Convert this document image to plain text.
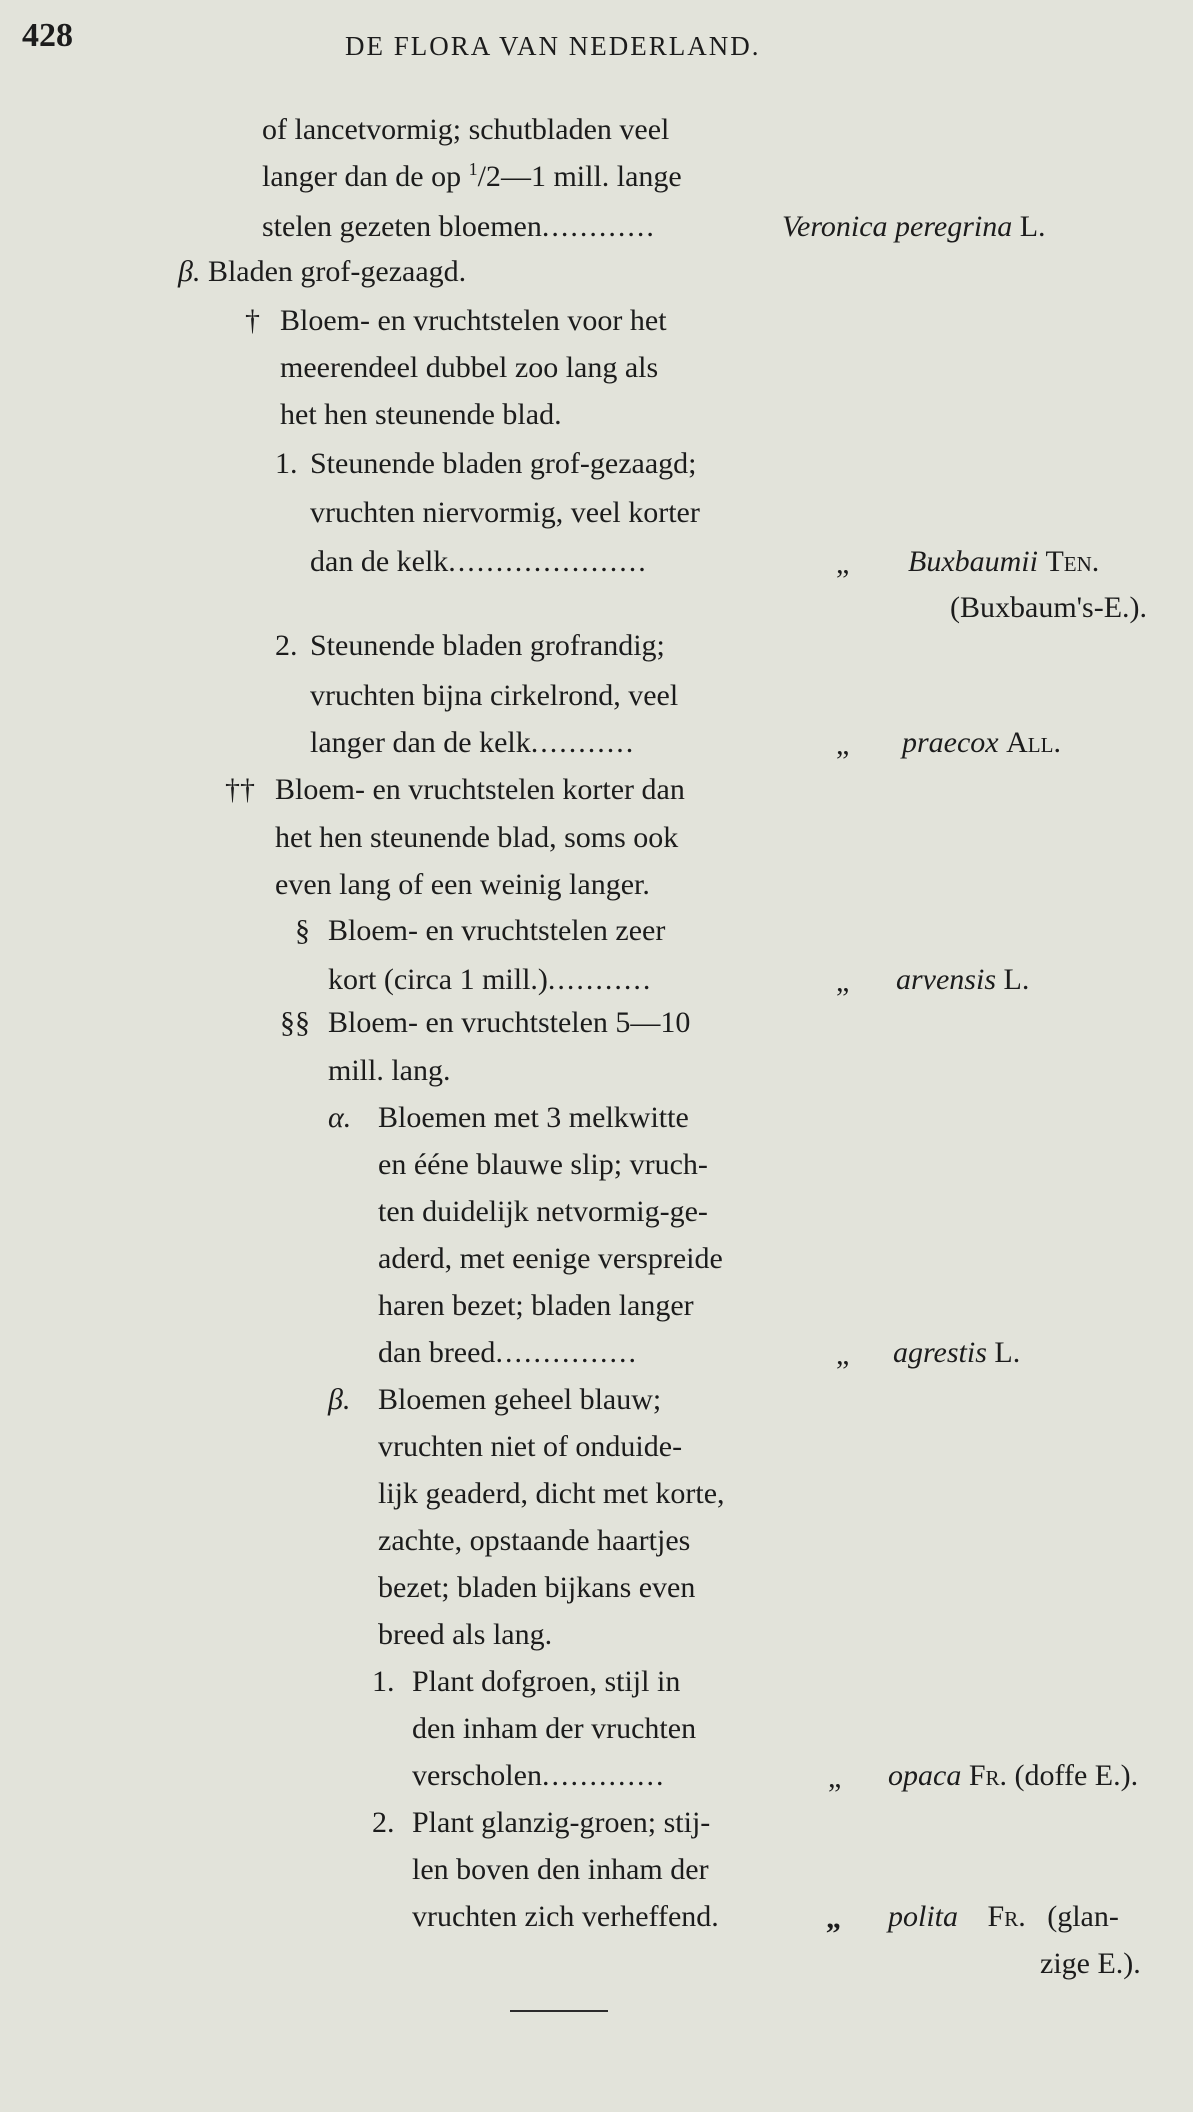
428	DE FLORA VAN NEDERLAND.
of lancetvormig; schutbladen veel
langer dan de op $^1$/2—1 mill. lange
stelen gezeten bloemen............	Veronica peregrina L.
β. Bladen grof-gezaagd.
† Bloem- en vruchtstelen voor het
meerendeel dubbel zoo lang als
het hen steunende blad.
1. Steunende bladen grof-gezaagd;
vruchten niervormig, veel korter
dan de kelk.....................	„ Buxbaumii Ten.
(Buxbaum's-E.).
2. Steunende bladen grofrandig;
vruchten bijna cirkelrond, veel
langer dan de kelk...........	„ praecox All.
†† Bloem- en vruchtstelen korter dan
het hen steunende blad, soms ook
even lang of een weinig langer.
§ Bloem- en vruchtstelen zeer
kort (circa 1 mill.)...........	„ arvensis L.
§§ Bloem- en vruchtstelen 5—10
mill. lang.
α. Bloemen met 3 melkwitte
en ééne blauwe slip; vruch-
ten duidelijk netvormig-ge-
aderd, met eenige verspreide
haren bezet; bladen langer
dan breed...............	„ agrestis L.
β. Bloemen geheel blauw;
vruchten niet of onduide-
lijk geaderd, dicht met korte,
zachte, opstaande haartjes
bezet; bladen bijkans even
breed als lang.
1. Plant dofgroen, stijl in
den inham der vruchten
verscholen.............	„ opaca Fr. (doffe E.).
2. Plant glanzig-groen; stij-
len boven den inham der
vruchten zich verheffend.	„ polita Fr. (glan-
zige E.).
